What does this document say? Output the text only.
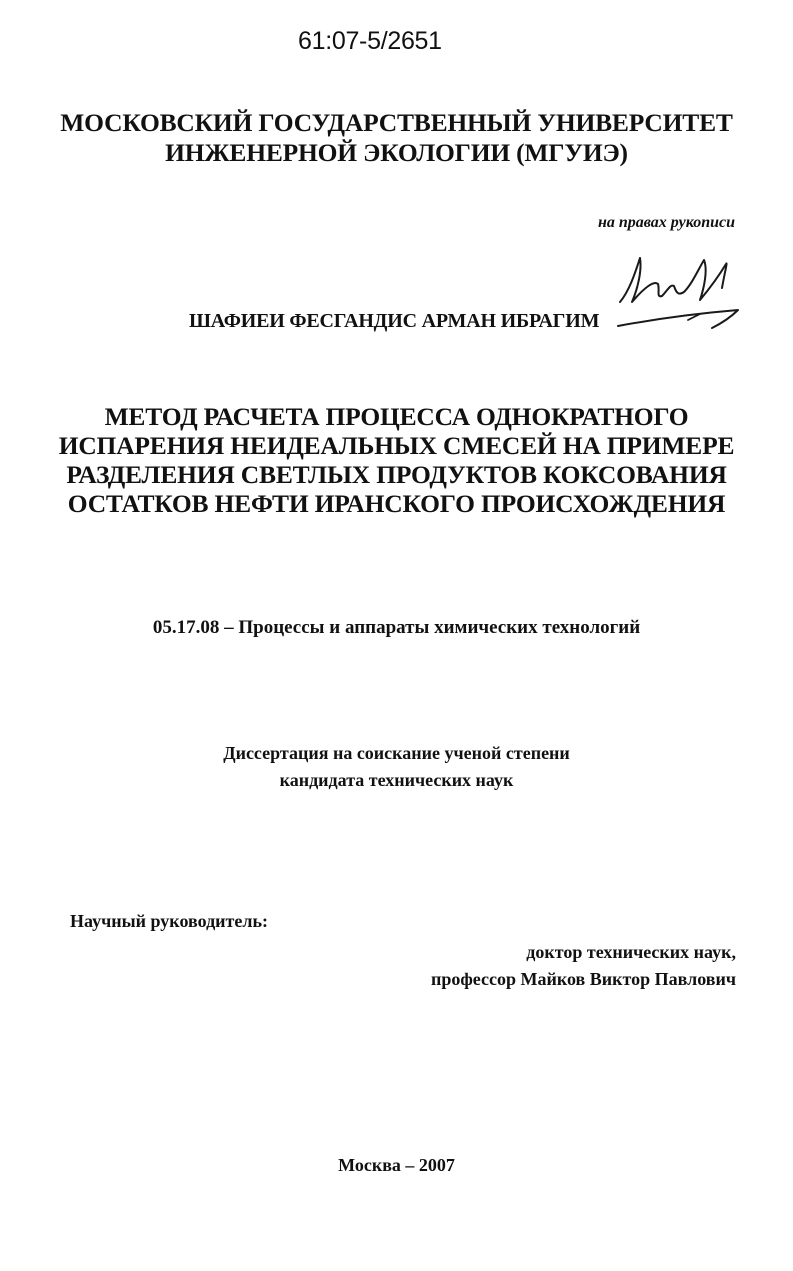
61:07-5/2651
МОСКОВСКИЙ ГОСУДАРСТВЕННЫЙ УНИВЕРСИТЕТ
ИНЖЕНЕРНОЙ ЭКОЛОГИИ (МГУИЭ)
на правах рукописи
ШАФИЕИ ФЕСГАНДИС АРМАН ИБРАГИМ
МЕТОД РАСЧЕТА ПРОЦЕССА ОДНОКРАТНОГО
ИСПАРЕНИЯ НЕИДЕАЛЬНЫХ СМЕСЕЙ НА ПРИМЕРЕ
РАЗДЕЛЕНИЯ СВЕТЛЫХ ПРОДУКТОВ КОКСОВАНИЯ
ОСТАТКОВ НЕФТИ ИРАНСКОГО ПРОИСХОЖДЕНИЯ
05.17.08 – Процессы и аппараты химических технологий
Диссертация на соискание ученой степени
кандидата технических наук
Научный руководитель:
доктор технических наук,
профессор Майков Виктор Павлович
Москва – 2007
